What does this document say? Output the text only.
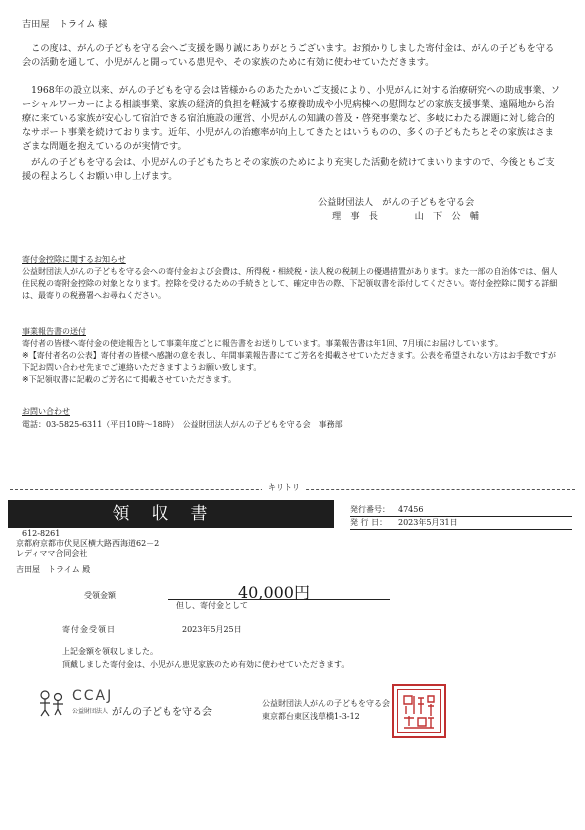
吉田屋　トライム 様
　この度は、がんの子どもを守る会へご支援を賜り誠にありがとうございます。お預かりしました寄付金は、がんの子どもを守る会の活動を通して、小児がんと闘っている患児や、その家族のために有効に使わせていただきます。
　1968年の設立以来、がんの子どもを守る会は皆様からのあたたかいご支援により、小児がんに対する治療研究への助成事業、ソーシャルワーカーによる相談事業、家族の経済的負担を軽減する療養助成や小児病棟への慰問などの家族支援事業、遠隔地から治療に来ている家族が安心して宿泊できる宿泊施設の運営、小児がんの知識の普及・啓発事業など、多岐にわたる課題に対し総合的なサポート事業を続けております。近年、小児がんの治癒率が向上してきたとはいうものの、多くの子どもたちとその家族はさまざまな問題を抱えているのが実情です。
　がんの子どもを守る会は、小児がんの子どもたちとその家族のためにより充実した活動を続けてまいりますので、今後ともご支援の程よろしくお願い申し上げます。
公益財団法人　がんの子どもを守る会
理　事　長　　　　山　下　公　輔
寄付金控除に関するお知らせ
公益財団法人がんの子どもを守る会への寄付金および会費は、所得税・相続税・法人税の税制上の優遇措置があります。また一部の自治体では、個人住民税の寄附金控除の対象となります。控除を受けるための手続きとして、確定申告の際、下記領収書を添付してください。寄付金控除に関する詳細は、最寄りの税務署へお尋ねください。
事業報告書の送付
寄付者の皆様へ寄付金の使途報告として事業年度ごとに報告書をお送りしています。事業報告書は年1回、7月頃にお届けしています。
※【寄付者名の公表】寄付者の皆様へ感謝の意を表し、年間事業報告書にてご芳名を掲載させていただきます。公表を希望されない方はお手数ですが下記お問い合わせ先までご連絡いただきますようお願い致します。
※下記領収書に記載のご芳名にて掲載させていただきます。
お問い合わせ
電話：03-5825-6311（平日10時～18時）　公益財団法人がんの子どもを守る会　事務部
キリトリ
領収書	発行番号： 47456
発 行 日： 2023年5月31日
612-8261
京都府京都市伏見区横大路西海道62－2
レディママ合同会社
吉田屋　トライム 殿
受領金額	40,000円
但し、寄付金として
寄付金受領日	2023年5月25日
上記金額を領収しました。
頂戴しました寄付金は、小児がん患児家族のため有効に使わせていただきます。
CCAJ
公益財団法人 がんの子どもを守る会
公益財団法人がんの子どもを守る会
東京都台東区浅草橋1-3-12
